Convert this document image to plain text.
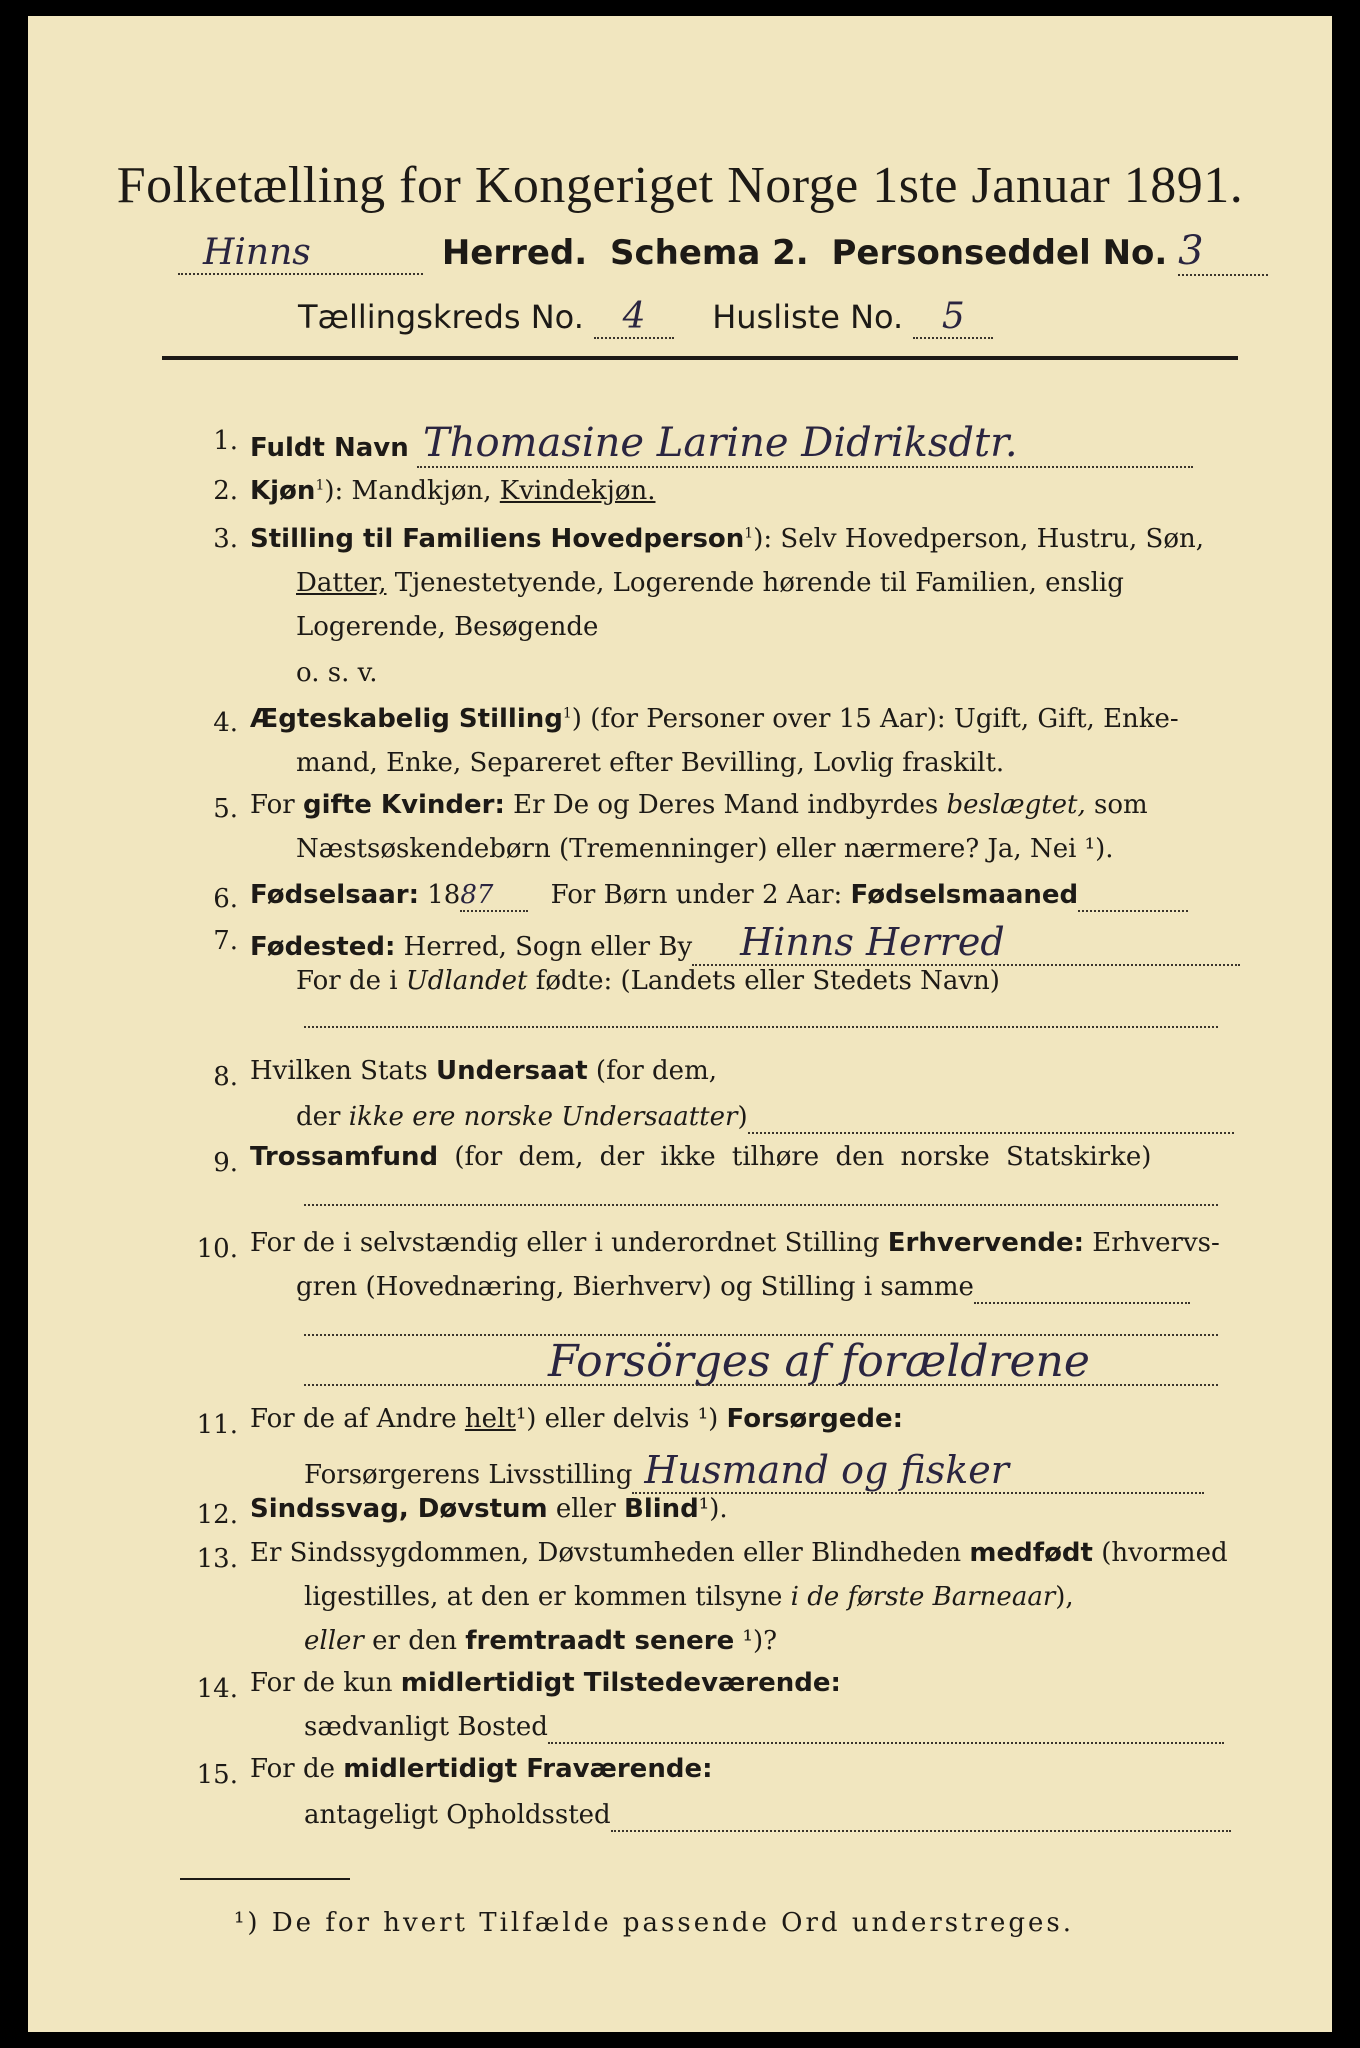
Folketælling for Kongeriget Norge 1ste Januar 1891.
Hinns	Herred. Schema 2. Personseddel No. 3
Tællingskreds No. 4 Husliste No. 5
1. Fuldt Navn Thomasine Larine Didriksdtr.
2. Kjøn$^1$): Mandkjøn, Kvindekjøn.
3. Stilling til Familiens Hovedperson$^1$): Selv Hovedperson, Hustru, Søn,
Datter, Tjenestetyende, Logerende hørende til Familien, enslig
Logerende, Besøgende
o. s. v.
4. Ægteskabelig Stilling$^1$) (for Personer over 15 Aar): Ugift, Gift, Enke-
mand, Enke, Separeret efter Bevilling, Lovlig fraskilt.
5. For gifte Kvinder: Er De og Deres Mand indbyrdes beslægtet, som
Næstsøskendebørn (Tremenninger) eller nærmere? Ja, Nei ¹).
6. Fødselsaar: 1887 For Børn under 2 Aar: Fødselsmaaned
7. Fødested: Herred, Sogn eller By Hinns Herred
For de i Udlandet fødte: (Landets eller Stedets Navn)
8. Hvilken Stats Undersaat (for dem,
der ikke ere norske Undersaatter)
9. Trossamfund (for dem, der ikke tilhøre den norske Statskirke)
10. For de i selvstændig eller i underordnet Stilling Erhvervende: Erhvervs-
gren (Hovednæring, Bierhverv) og Stilling i samme
Forsörges af forældrene
11. For de af Andre helt¹) eller delvis ¹) Forsørgede:
Forsørgerens Livsstilling Husmand og fisker
12. Sindssvag, Døvstum eller Blind¹).
13. Er Sindssygdommen, Døvstumheden eller Blindheden medfødt (hvormed
ligestilles, at den er kommen tilsyne i de første Barneaar),
eller er den fremtraadt senere ¹)?
14. For de kun midlertidigt Tilstedeværende:
sædvanligt Bosted
15. For de midlertidigt Fraværende:
antageligt Opholdssted
¹) De for hvert Tilfælde passende Ord understreges.
